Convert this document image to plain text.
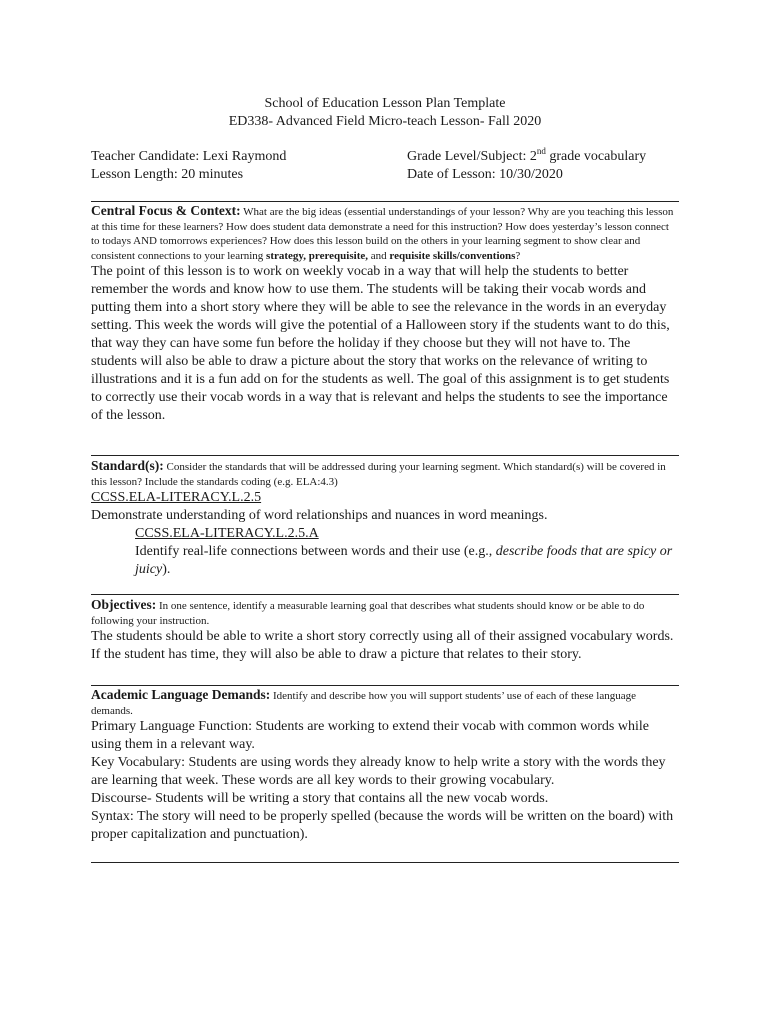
School of Education Lesson Plan Template
ED338- Advanced Field Micro-teach Lesson- Fall 2020
Teacher Candidate: Lexi Raymond
Lesson Length: 20 minutes
Grade Level/Subject: 2nd grade vocabulary
Date of Lesson: 10/30/2020
Central Focus & Context: What are the big ideas (essential understandings of your lesson? Why are you teaching this lesson at this time for these learners? How does student data demonstrate a need for this instruction? How does yesterday’s lesson connect to todays AND tomorrows experiences? How does this lesson build on the others in your learning segment to show clear and consistent connections to your learning strategy, prerequisite, and requisite skills/conventions?
The point of this lesson is to work on weekly vocab in a way that will help the students to better remember the words and know how to use them. The students will be taking their vocab words and putting them into a short story where they will be able to see the relevance in the words in an everyday setting. This week the words will give the potential of a Halloween story if the students want to do this, that way they can have some fun before the holiday if they choose but they will not have to. The students will also be able to draw a picture about the story that works on the relevance of writing to illustrations and it is a fun add on for the students as well. The goal of this assignment is to get students to correctly use their vocab words in a way that is relevant and helps the students to see the importance of the lesson.
Standard(s): Consider the standards that will be addressed during your learning segment. Which standard(s) will be covered in this lesson? Include the standards coding (e.g. ELA:4.3)
CCSS.ELA-LITERACY.L.2.5
Demonstrate understanding of word relationships and nuances in word meanings.
CCSS.ELA-LITERACY.L.2.5.A
Identify real-life connections between words and their use (e.g., describe foods that are spicy or juicy).
Objectives: In one sentence, identify a measurable learning goal that describes what students should know or be able to do following your instruction.
The students should be able to write a short story correctly using all of their assigned vocabulary words. If the student has time, they will also be able to draw a picture that relates to their story.
Academic Language Demands: Identify and describe how you will support students’ use of each of these language demands.
Primary Language Function: Students are working to extend their vocab with common words while using them in a relevant way.
Key Vocabulary: Students are using words they already know to help write a story with the words they are learning that week. These words are all key words to their growing vocabulary.
Discourse- Students will be writing a story that contains all the new vocab words.
Syntax: The story will need to be properly spelled (because the words will be written on the board) with proper capitalization and punctuation).
